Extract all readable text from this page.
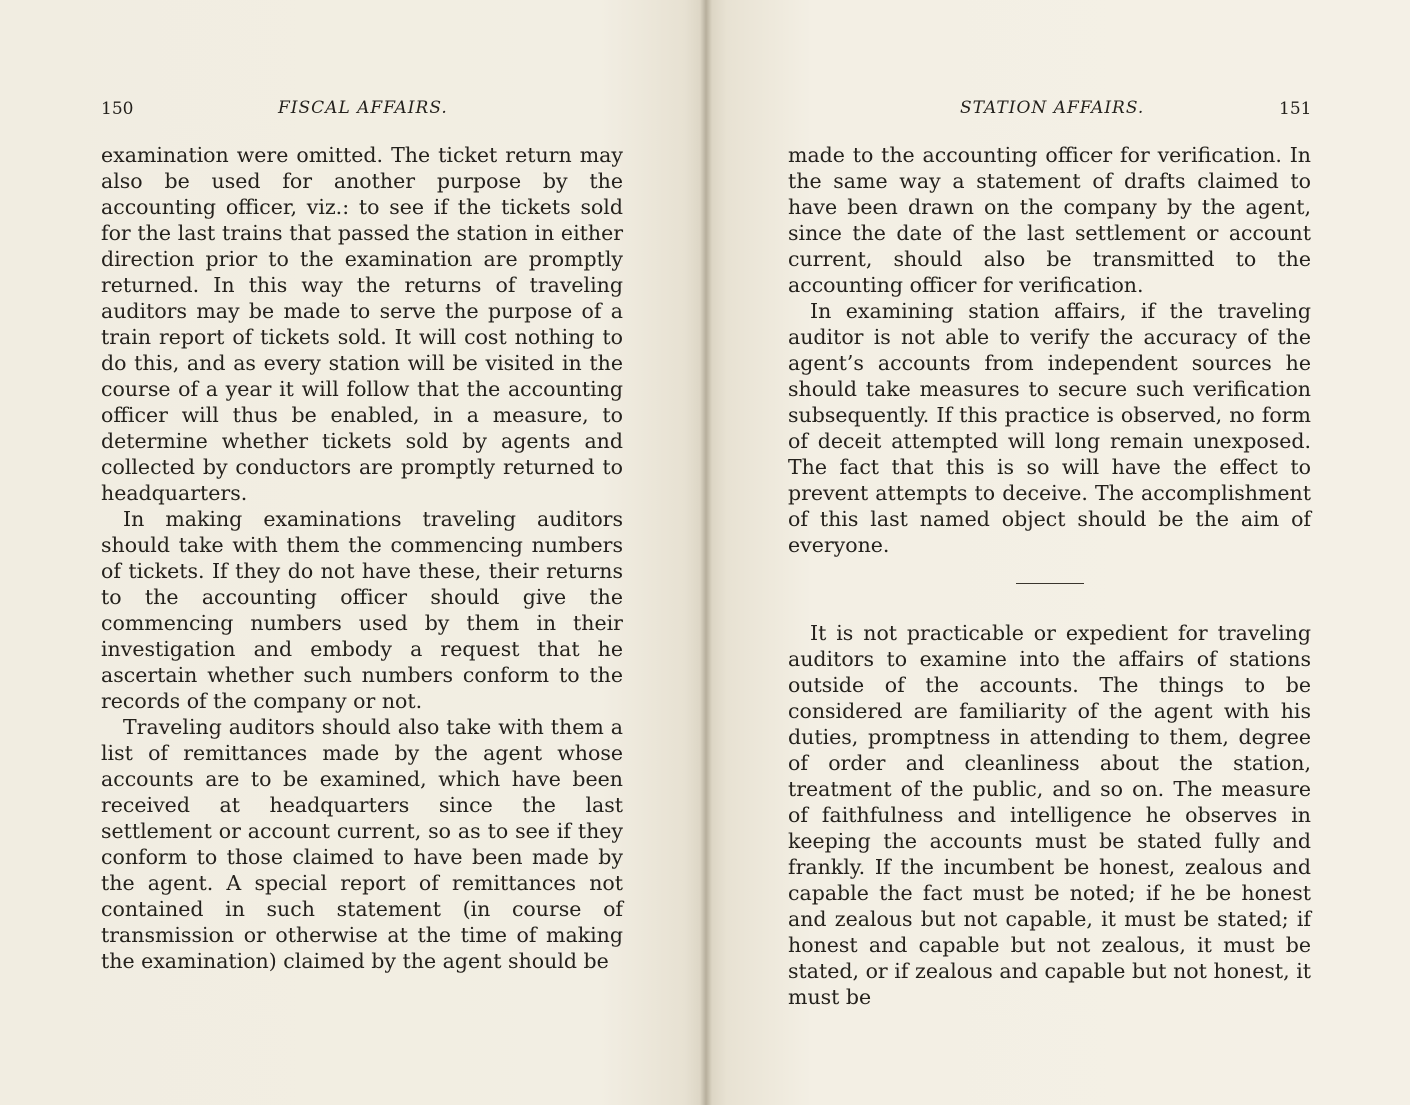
150	FISCAL AFFAIRS.

examination were omitted. The ticket return may also be used for another purpose by the accounting officer, viz.: to see if the tickets sold for the last trains that passed the station in either direction prior to the examination are promptly returned. In this way the returns of traveling auditors may be made to serve the purpose of a train report of tickets sold. It will cost nothing to do this, and as every station will be visited in the course of a year it will follow that the accounting officer will thus be enabled, in a measure, to determine whether tickets sold by agents and collected by conductors are promptly returned to headquarters.

In making examinations traveling auditors should take with them the commencing numbers of tickets. If they do not have these, their returns to the accounting officer should give the commencing numbers used by them in their investigation and embody a request that he ascertain whether such numbers conform to the records of the company or not.

Traveling auditors should also take with them a list of remittances made by the agent whose accounts are to be examined, which have been received at headquarters since the last settlement or account current, so as to see if they conform to those claimed to have been made by the agent. A special report of remittances not contained in such statement (in course of transmission or otherwise at the time of making the examination) claimed by the agent should be

STATION AFFAIRS.	151

made to the accounting officer for verification. In the same way a statement of drafts claimed to have been drawn on the company by the agent, since the date of the last settlement or account current, should also be transmitted to the accounting officer for verification.

In examining station affairs, if the traveling auditor is not able to verify the accuracy of the agent’s accounts from independent sources he should take measures to secure such verification subsequently. If this practice is observed, no form of deceit attempted will long remain unexposed. The fact that this is so will have the effect to prevent attempts to deceive. The accomplishment of this last named object should be the aim of everyone.

It is not practicable or expedient for traveling auditors to examine into the affairs of stations outside of the accounts. The things to be considered are familiarity of the agent with his duties, promptness in attending to them, degree of order and cleanliness about the station, treatment of the public, and so on. The measure of faithfulness and intelligence he observes in keeping the accounts must be stated fully and frankly. If the incumbent be honest, zealous and capable the fact must be noted; if he be honest and zealous but not capable, it must be stated; if honest and capable but not zealous, it must be stated, or if zealous and capable but not honest, it must be
